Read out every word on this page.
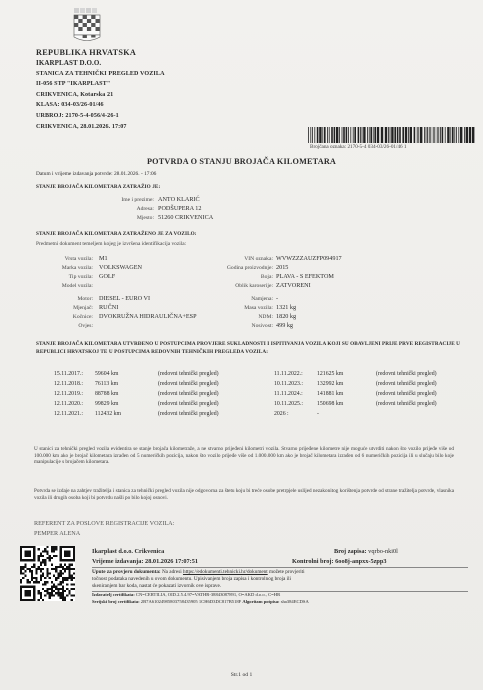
REPUBLIKA HRVATSKA
IKARPLAST D.O.O.
STANICA ZA TEHNIČKI PREGLED VOZILA
II-056 STP "IKARPLAST"
CRIKVENICA, Kotarska 21
KLASA: 034-03/26-01/46
URBROJ: 2170-5-4-056/4-26-1
CRIKVENICA, 28.01.2026. 17:07
Brojčana oznaka: 2170-5-4 034-03/26-01/46 1
POTVRDA O STANJU BROJAČA KILOMETARA
Datum i vrijeme izdavanja potvrde: 28.01.2026. - 17:06
STANJE BROJAČA KILOMETARA ZATRAŽIO JE:
Ime i prezime: ANTO KLARIĆ
Adresa: PODŠUPERA 12
Mjesto: 51260 CRIKVENICA
STANJE BROJAČA KILOMETARA ZATRAŽENO JE ZA VOZILO:
Predmetni dokument temeljem kojeg je izvršena identifikacija vozila:
Vrsta vozila: M1
Marka vozila: VOLKSWAGEN
Tip vozila: GOLF
Model vozila:
Motor: DIESEL - EURO VI
Mjenjač: RUČNI
Kočnice: DVOKRUŽNA HIDRAULIČNA+ESP
Ovjes:
VIN oznaka: WVWZZZAUZFP094917
Godina proizvodnje: 2015
Boja: PLAVA - S EFEKTOM
Oblik karoserije: ZATVORENI
Namjena: -
Masa vozila: 1321 kg
NDM: 1820 kg
Nosivost: 499 kg
STANJE BROJAČA KILOMETARA UTVRĐENO U POSTUPCIMA PROVJERE SUKLADNOSTI I ISPITIVANJA VOZILA KOJI SU OBAVLJENI PRIJE PRVE REGISTRACIJE U REPUBLICI HRVATSKOJ TE U POSTUPCIMA REDOVNIH TEHNIČKIH PREGLEDA VOZILA:
15.11.2017.: 59604 km	(redovni tehnički pregled)
12.11.2018.: 76113 km	(redovni tehnički pregled)
12.11.2019.: 88788 km	(redovni tehnički pregled)
12.11.2020.: 99829 km	(redovni tehnički pregled)
12.11.2021.: 112432 km	(redovni tehnički pregled)
11.11.2022.: 121625 km	(redovni tehnički pregled)
10.11.2023.: 132992 km	(redovni tehnički pregled)
11.11.2024.: 141881 km	(redovni tehnički pregled)
10.11.2025.: 150698 km	(redovni tehnički pregled)
2026 :	-
U stanici za tehnički pregled vozila evidentira se stanje brojača kilometraže, a ne stvarno prijeđeni kilometri vozila. Stvarno prijeđene kilometre nije moguće utvrditi nakon što vozilo prijeđe više od 100.000 km ako je brojač kilometara izrađen od 5 numeričkih pozicija, nakon što vozilo prijeđe više od 1.000.000 km ako je brojač kilometara izrađen od 6 numeričkih pozicija ili u slučaju bilo koje manipulacije s brojačem kilometara.
Potvrda se izdaje na zahtjev tražitelja i stanica za tehnički pregled vozila nije odgovorna za štetu koju bi treće osobe pretrpjele uslijed nezakonitog korištenja potvrde od strane tražitelja potvrde, vlasnika vozila ili drugih osoba koji bi potvrdu našli po bilo kojoj osnovi.
REFERENT ZA POSLOVE REGISTRACIJE VOZILA:
PEMPER ALENA
Ikarplast d.o.o. Crikvenica
Vrijeme izdavanja: 28.01.2026 17:07:51
Broj zapisa: vqrbo-nki0l
Kontrolni broj: 6oo8j-anpxx-5zpp3
Upute za provjeru dokumenta: Na adresi https://edokumenti.tehnicki.hr/dokument možete provjeriti
točnost podataka navedenih u ovom dokumentu. Upisivanjem broja zapisa i kontrolnog broja ili
skeniranjem bar koda, nastat će pokazati izvornik ove isprave.
Izdavatelj certifikata: CN=CERTILIA, OID.2.5.4.97=VATHR-38843087891, O=AKD d.o.o., C=HR
Serijski broj certifikata: 2B7A61024985803758435905 1CH6D3DC817B518F Algoritam potpisa: sha384ECDSA
Str.1 od 1
